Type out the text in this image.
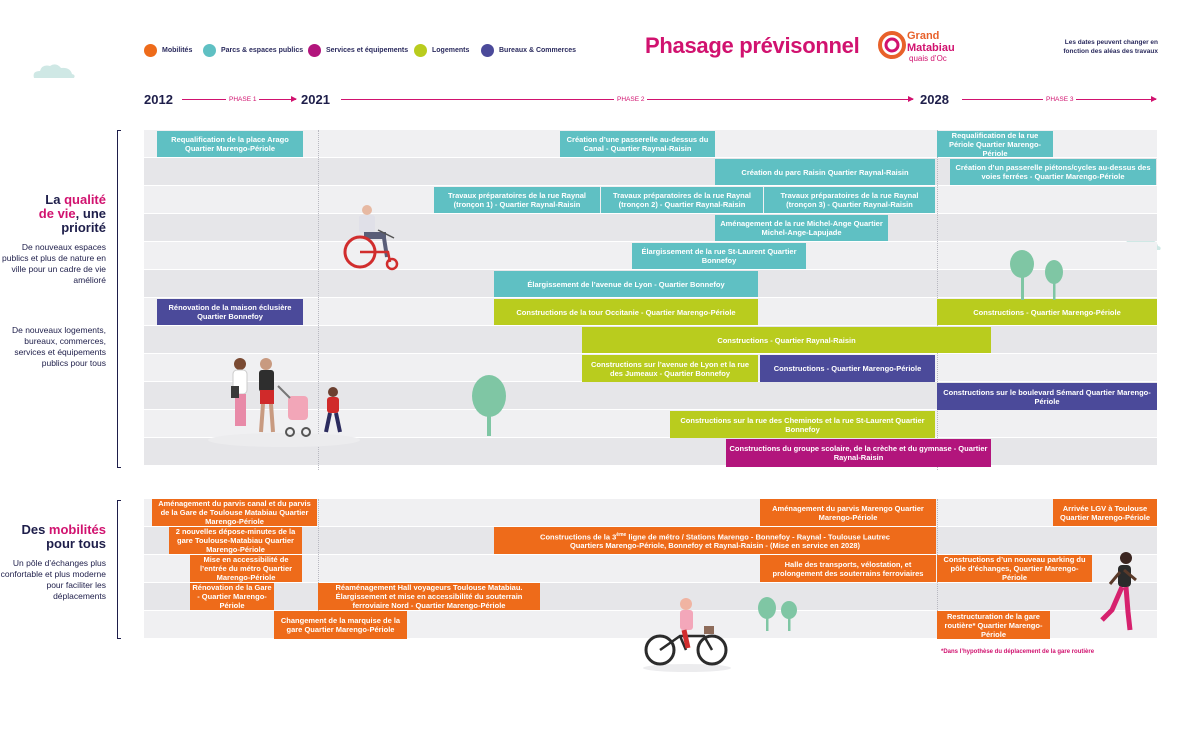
Mobilités	Parcs & espaces publics	Services et équipements	Logements	Bureaux & Commerces	Phasage prévisonnel	Grand
Matabiau
quais d’Oc
Les dates peuvent changer en fonction des aléas des travaux
2012	2021	2028
PHASE 1	PHASE 2	PHASE 3
La qualité
de vie, une priorité
De nouveaux espaces publics et plus de nature en ville pour un cadre de vie amélioré
De nouveaux logements, bureaux, commerces, services et équipements publics pour tous
Des mobilités pour tous
Un pôle d’échanges plus confortable et plus moderne pour faciliter les déplacements
Requalification de la place Arago Quartier Marengo-Périole
Création d’une passerelle au-dessus du Canal - Quartier Raynal-Raisin
Requalification de la rue Périole Quartier Marengo-Périole
Création du parc Raisin Quartier Raynal-Raisin	Création d’un passerelle piétons/cycles au-dessus des voies ferrées - Quartier Marengo-Périole
Travaux préparatoires de la rue Raynal (tronçon 1) - Quartier Raynal-Raisin
Travaux préparatoires de la rue Raynal (tronçon 2) - Quartier Raynal-Raisin
Travaux préparatoires de la rue Raynal (tronçon 3) - Quartier Raynal-Raisin
Aménagement de la rue Michel-Ange Quartier Michel-Ange-Lapujade
Élargissement de la rue St-Laurent Quartier Bonnefoy
Élargissement de l’avenue de Lyon - Quartier Bonnefoy
Rénovation de la maison éclusière Quartier Bonnefoy	Constructions de la tour Occitanie - Quartier Marengo-Périole	Constructions - Quartier Marengo-Périole
Constructions - Quartier Raynal-Raisin
Constructions sur l’avenue de Lyon et la rue des Jumeaux - Quartier Bonnefoy	Constructions - Quartier Marengo-Périole
Constructions sur le boulevard Sémard Quartier Marengo-Périole
Constructions sur la rue des Cheminots et la rue St-Laurent Quartier Bonnefoy
Constructions du groupe scolaire, de la crèche et du gymnase - Quartier Raynal-Raisin
Aménagement du parvis canal et du parvis de la Gare de Toulouse Matabiau Quartier Marengo-Périole
Aménagement du parvis Marengo Quartier Marengo-Périole
Arrivée LGV à Toulouse Quartier Marengo-Périole
2 nouvelles dépose-minutes de la gare Toulouse-Matabiau Quartier Marengo-Périole
Constructions de la 3ème ligne de métro / Stations Marengo - Bonnefoy - Raynal - Toulouse Lautrec
Quartiers Marengo-Périole, Bonnefoy et Raynal-Raisin - (Mise en service en 2028)
Mise en accessibilité de l’entrée du métro Quartier Marengo-Périole
Halle des transports, vélostation, et prolongement des souterrains ferroviaires
Constructions d’un nouveau parking du pôle d’échanges, Quartier Marengo-Périole
Rénovation de la Gare - Quartier Marengo-Périole
Réaménagement Hall voyageurs Toulouse Matabiau. Élargissement et mise en accessibilité du souterrain ferroviaire Nord - Quartier Marengo-Périole
Changement de la marquise de la gare Quartier Marengo-Périole
Restructuration de la gare routière* Quartier Marengo-Périole
*Dans l’hypothèse du déplacement de la gare routière
